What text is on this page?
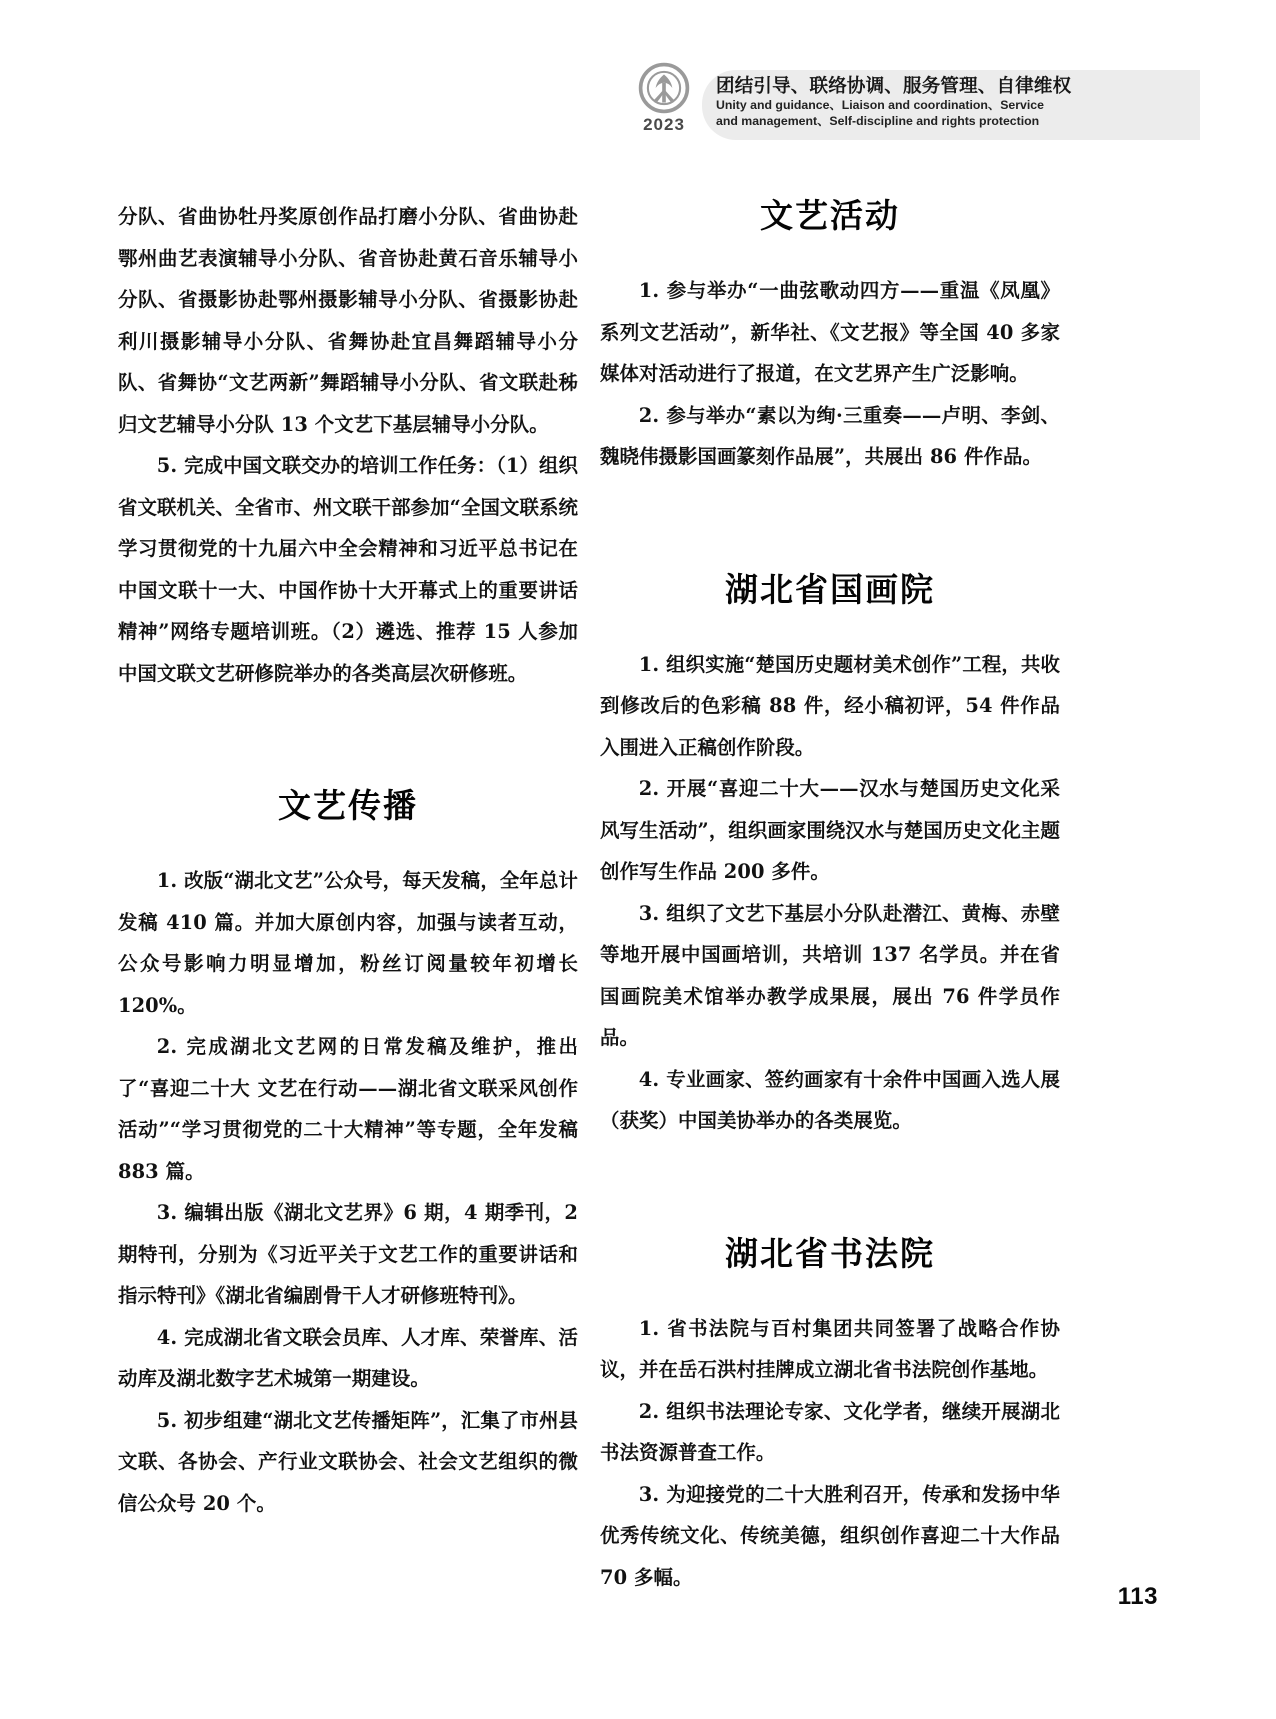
2023
团结引导、联络协调、服务管理、自律维权
Unity and guidance、Liaison and coordination、Service
and management、Self-discipline and rights protection

分队、省曲协牡丹奖原创作品打磨小分队、省曲协赴鄂州曲艺表演辅导小分队、省音协赴黄石音乐辅导小分队、省摄影协赴鄂州摄影辅导小分队、省摄影协赴利川摄影辅导小分队、省舞协赴宜昌舞蹈辅导小分队、省舞协“文艺两新”舞蹈辅导小分队、省文联赴秭归文艺辅导小分队 13 个文艺下基层辅导小分队。

5. 完成中国文联交办的培训工作任务：（1）组织省文联机关、全省市、州文联干部参加“全国文联系统学习贯彻党的十九届六中全会精神和习近平总书记在中国文联十一大、中国作协十大开幕式上的重要讲话精神”网络专题培训班。（2）遴选、推荐 15 人参加中国文联文艺研修院举办的各类高层次研修班。

文艺传播

1. 改版“湖北文艺”公众号，每天发稿，全年总计发稿 410 篇。并加大原创内容，加强与读者互动，公众号影响力明显增加，粉丝订阅量较年初增长 120%。

2. 完成湖北文艺网的日常发稿及维护，推出了“喜迎二十大 文艺在行动——湖北省文联采风创作活动”“学习贯彻党的二十大精神”等专题，全年发稿 883 篇。

3. 编辑出版《湖北文艺界》6 期，4 期季刊，2 期特刊，分别为《习近平关于文艺工作的重要讲话和指示特刊》《湖北省编剧骨干人才研修班特刊》。

4. 完成湖北省文联会员库、人才库、荣誉库、活动库及湖北数字艺术城第一期建设。

5. 初步组建“湖北文艺传播矩阵”，汇集了市州县文联、各协会、产行业文联协会、社会文艺组织的微信公众号 20 个。

文艺活动

1. 参与举办“一曲弦歌动四方——重温《凤凰》系列文艺活动”，新华社、《文艺报》等全国 40 多家媒体对活动进行了报道，在文艺界产生广泛影响。

2. 参与举办“素以为绚·三重奏——卢明、李剑、魏晓伟摄影国画篆刻作品展”，共展出 86 件作品。

湖北省国画院

1. 组织实施“楚国历史题材美术创作”工程，共收到修改后的色彩稿 88 件，经小稿初评，54 件作品入围进入正稿创作阶段。

2. 开展“喜迎二十大——汉水与楚国历史文化采风写生活动”，组织画家围绕汉水与楚国历史文化主题创作写生作品 200 多件。

3. 组织了文艺下基层小分队赴潜江、黄梅、赤壁等地开展中国画培训，共培训 137 名学员。并在省国画院美术馆举办教学成果展，展出 76 件学员作品。

4. 专业画家、签约画家有十余件中国画入选人展（获奖）中国美协举办的各类展览。

湖北省书法院

1. 省书法院与百村集团共同签署了战略合作协议，并在岳石洪村挂牌成立湖北省书法院创作基地。

2. 组织书法理论专家、文化学者，继续开展湖北书法资源普查工作。

3. 为迎接党的二十大胜利召开，传承和发扬中华优秀传统文化、传统美德，组织创作喜迎二十大作品 70 多幅。

113
